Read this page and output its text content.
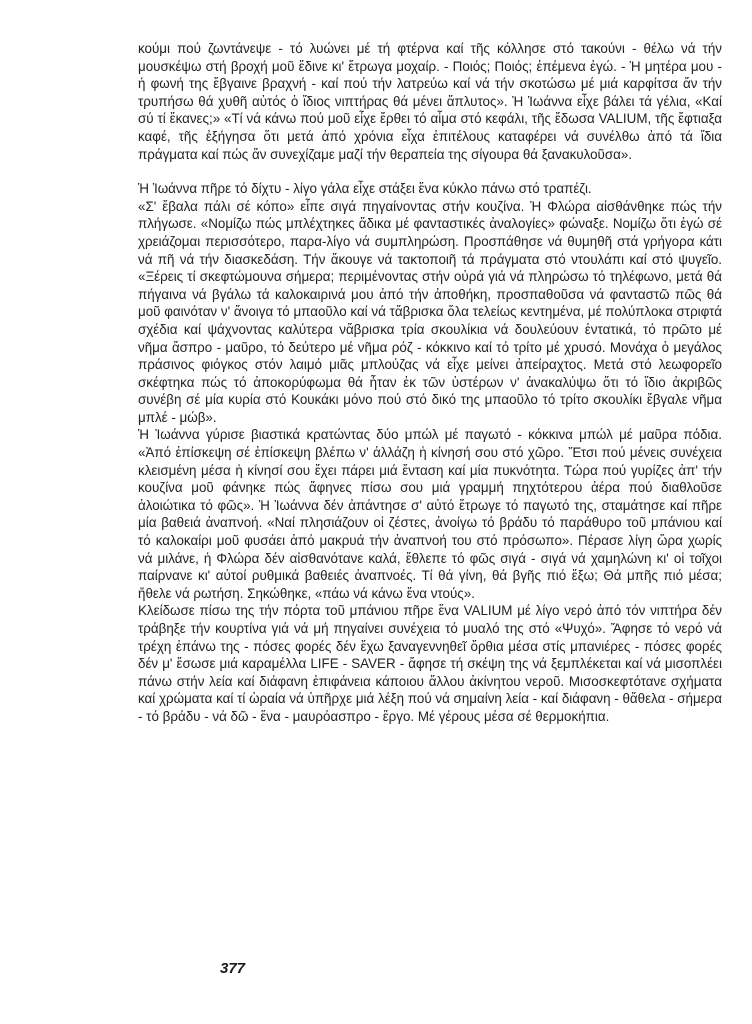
κούμι πού ζωντάνεψε - τό λυώνει μέ τή φτέρνα καί τῆς κόλλησε στό τακούνι - θέλω νά τήν μουσκέψω στή βροχή μοῦ ἔδινε κι' ἔτρωγα μοχαίρ. - Ποιός; Ποιός; ἐπέμενα ἐγώ. - Ἡ μητέρα μου - ἡ φωνή της ἔβγαινε βραχνή - καί πού τήν λατρεύω καί νά τήν σκοτώσω μέ μιά καρφίτσα ἄν τήν τρυπήσω θά χυθῆ αὐτός ὁ ἴδιος νιπτήρας θά μένει ἄπλυτος». Ἡ Ἰωάννα εἶχε βάλει τά γέλια, «Καί σύ τί ἔκανες;» «Τί νά κάνω πού μοῦ εἶχε ἔρθει τό αἷμα στό κεφάλι, τῆς ἔδωσα VALIUM, τῆς ἔφτιαξα καφέ, τῆς ἐξήγησα ὅτι μετά ἀπό χρόνια εἶχα ἐπιτέλους καταφέρει νά συνέλθω ἀπό τά ἴδια πράγματα καί πώς ἄν συνεχίζαμε μαζί τήν θεραπεία της σίγουρα θά ξανακυλοῦσα».

Ἡ Ἰωάννα πῆρε τό δίχτυ - λίγο γάλα εἶχε στάξει ἕνα κύκλο πάνω στό τραπέζι.

«Σ' ἔβαλα πάλι σέ κόπο» εἶπε σιγά πηγαίνοντας στήν κουζίνα. Ἡ Φλώρα αἰσθάνθηκε πώς τήν πλήγωσε. «Νομίζω πώς μπλέχτηκες ἄδικα μέ φανταστικές ἀναλογίες» φώναξε. Νομίζω ὅτι ἐγώ σέ χρειάζομαι περισσότερο, παρα-λίγο νά συμπληρώση. Προσπάθησε νά θυμηθῆ στά γρήγορα κάτι νά πῆ νά τήν διασκεδάση. Τήν ἄκουγε νά τακτοποιῆ τά πράγματα στό ντουλάπι καί στό ψυγεῖο. «Ξέρεις τί σκεφτώμουνα σήμερα; περιμένοντας στήν οὐρά γιά νά πληρώσω τό τηλέφωνο, μετά θά πήγαινα νά βγάλω τά καλοκαιρινά μου ἀπό τήν ἀποθήκη, προσπαθοῦσα νά φανταστῶ πῶς θά μοῦ φαινόταν ν' ἄνοιγα τό μπαοῦλο καί νά τἄβρισκα ὅλα τελείως κεντημένα, μέ πολύπλοκα στριφτά σχέδια καί ψάχνοντας καλύτερα νἄβρισκα τρία σκουλίκια νά δουλεύουν ἐντατικά, τό πρῶτο μέ νῆμα ἄσπρο - μαῦρο, τό δεύτερο μέ νῆμα ρόζ - κόκκινο καί τό τρίτο μέ χρυσό. Μονάχα ὁ μεγάλος πράσινος φιόγκος στόν λαιμό μιᾶς μπλούζας νά εἶχε μείνει ἀπείραχτος. Μετά στό λεωφορεῖο σκέφτηκα πώς τό ἀποκορύφωμα θά ἦταν ἐκ τῶν ὑστέρων ν' ἀνακαλύψω ὅτι τό ἴδιο ἀκριβῶς συνέβη σέ μία κυρία στό Κουκάκι μόνο πού στό δικό της μπαοῦλο τό τρίτο σκουλίκι ἔβγαλε νῆμα μπλέ - μώβ».

Ἡ Ἰωάννα γύρισε βιαστικά κρατώντας δύο μπώλ μέ παγωτό - κόκκινα μπώλ μέ μαῦρα πόδια. «Ἀπό ἐπίσκεψη σέ ἐπίσκεψη βλέπω ν' ἀλλάζη ἡ κίνησή σου στό χῶρο. Ἔτσι πού μένεις συνέχεια κλεισμένη μέσα ἡ κίνησί σου ἔχει πάρει μιά ἔνταση καί μία πυκνότητα. Τώρα πού γυρίζες ἀπ' τήν κουζίνα μοῦ φάνηκε πώς ἄφηνες πίσω σου μιά γραμμή πηχτότερου ἀέρα πού διαθλοῦσε ἀλοιώτικα τό φῶς». Ἡ Ἰωάννα δέν ἀπάντησε σ' αὐτό ἔτρωγε τό παγωτό της, σταμάτησε καί πῆρε μία βαθειά ἀναπνοή. «Ναί πλησιάζουν οἱ ζέστες, ἀνοίγω τό βράδυ τό παράθυρο τοῦ μπάνιου καί τό καλοκαίρι μοῦ φυσάει ἀπό μακρυά τήν ἀναπνοή του στό πρόσωπο». Πέρασε λίγη ὥρα χωρίς νά μιλάνε, ἡ Φλώρα δέν αἰσθανότανε καλά, ἔθλεπε τό φῶς σιγά - σιγά νά χαμηλώνη κι' οἱ τοῖχοι παίρνανε κι' αὐτοί ρυθμικά βαθειές ἀναπνοές. Τί θά γίνη, θά βγῆς πιό ἔξω; Θά μπῆς πιό μέσα; ἤθελε νά ρωτήση. Σηκώθηκε, «πάω νά κάνω ἕνα ντούς».

Κλείδωσε πίσω της τήν πόρτα τοῦ μπάνιου πῆρε ἕνα VALIUM μέ λίγο νερό ἀπό τόν νιπτήρα δέν τράβηξε τήν κουρτίνα γιά νά μή πηγαίνει συνέχεια τό μυαλό της στό «Ψυχό». Ἄφησε τό νερό νά τρέχη ἐπάνω της - πόσες φορές δέν ἔχω ξαναγεννηθεῖ ὄρθια μέσα στίς μπανιέρες - πόσες φορές δέν μ' ἔσωσε μιά καραμέλλα LIFE - SAVER - ἄφησε τή σκέψη της νά ξεμπλέκεται καί νά μισοπλέει πάνω στήν λεία καί διάφανη ἐπιφάνεια κάποιου ἄλλου ἀκίνητου νεροῦ. Μισοσκεφτότανε σχήματα καί χρώματα καί τί ὡραία νά ὑπῆρχε μιά λέξη πού νά σημαίνη λεία - καί διάφανη - θἄθελα - σήμερα - τό βράδυ - νά δῶ - ἕνα - μαυρόασπρο - ἔργο. Μέ γέρους μέσα σέ θερμοκήπια.

377
